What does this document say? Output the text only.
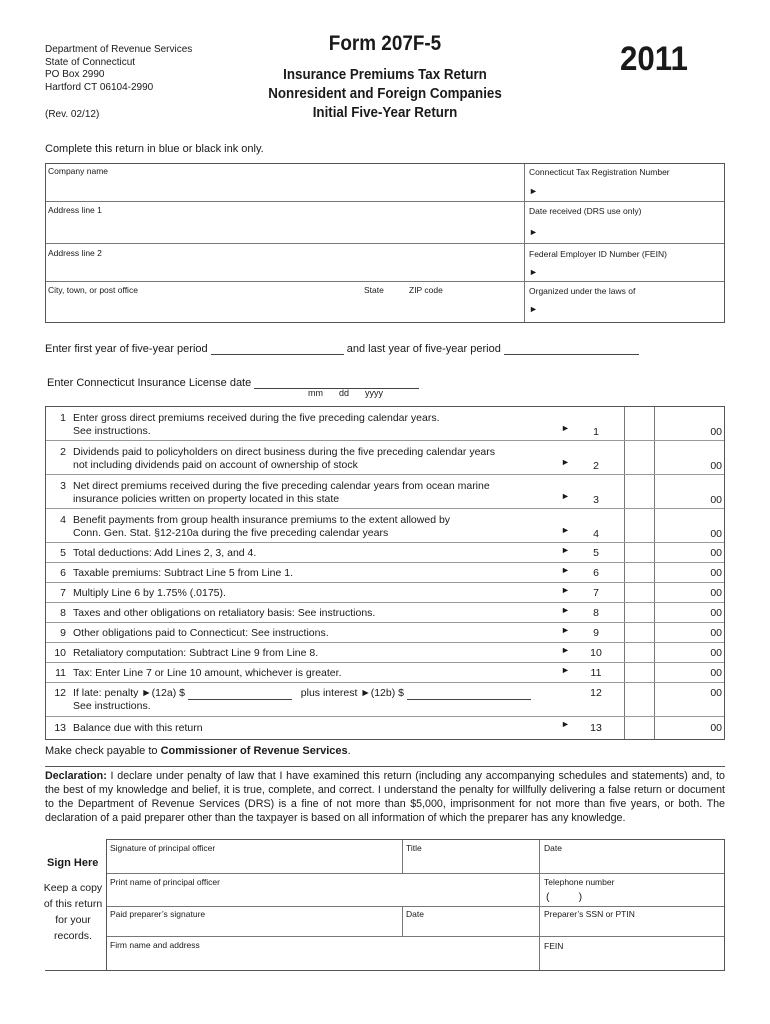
Department of Revenue Services
State of Connecticut
PO Box 2990
Hartford CT 06104-2990
(Rev. 02/12)
Form 207F-5
Insurance Premiums Tax Return
Nonresident and Foreign Companies
Initial Five-Year Return
2011
Complete this return in blue or black ink only.
Company name
Address line 1
Address line 2
City, town, or post office	State	ZIP code
Connecticut Tax Registration Number
►
Date received (DRS use only)
►
Federal Employer ID Number (FEIN)
►
Organized under the laws of
►
Enter first year of five-year period	and last year of five-year period
Enter Connecticut Insurance License date
mm dd yyyy
1 Enter gross direct premiums received during the five preceding calendar years.
See instructions.	►	1	00
2 Dividends paid to policyholders on direct business during the five preceding calendar years
not including dividends paid on account of ownership of stock	►	2	00
3 Net direct premiums received during the five preceding calendar years from ocean marine
insurance policies written on property located in this state	►	3	00
4 Benefit payments from group health insurance premiums to the extent allowed by
Conn. Gen. Stat. §12-210a during the five preceding calendar years	►	4	00
5 Total deductions: Add Lines 2, 3, and 4.	►	5	00
6 Taxable premiums: Subtract Line 5 from Line 1.	►	6	00
7 Multiply Line 6 by 1.75% (.0175).	►	7	00
8 Taxes and other obligations on retaliatory basis: See instructions.	►	8	00
9 Other obligations paid to Connecticut: See instructions.	►	9	00
10 Retaliatory computation: Subtract Line 9 from Line 8.	►	10	00
11 Tax: Enter Line 7 or Line 10 amount, whichever is greater.	►	11	00
12 If late: penalty ►(12a) $	plus interest ►(12b) $
See instructions.
12	00
13 Balance due with this return	►	13	00
Make check payable to Commissioner of Revenue Services.
Declaration: I declare under penalty of law that I have examined this return (including any accompanying schedules and statements) and, to the best of my knowledge and belief, it is true, complete, and correct. I understand the penalty for willfully delivering a false return or document to the Department of Revenue Services (DRS) is a fine of not more than $5,000, imprisonment for not more than five years, or both. The declaration of a paid preparer other than the taxpayer is based on all information of which the preparer has any knowledge.
Sign Here
Keep a copy
of this return
for your
records.
Signature of principal officer	Title	Date
Print name of principal officer	Telephone number
(          )
Paid preparer’s signature	Date	Preparer’s SSN or PTIN
Firm name and address	FEIN
